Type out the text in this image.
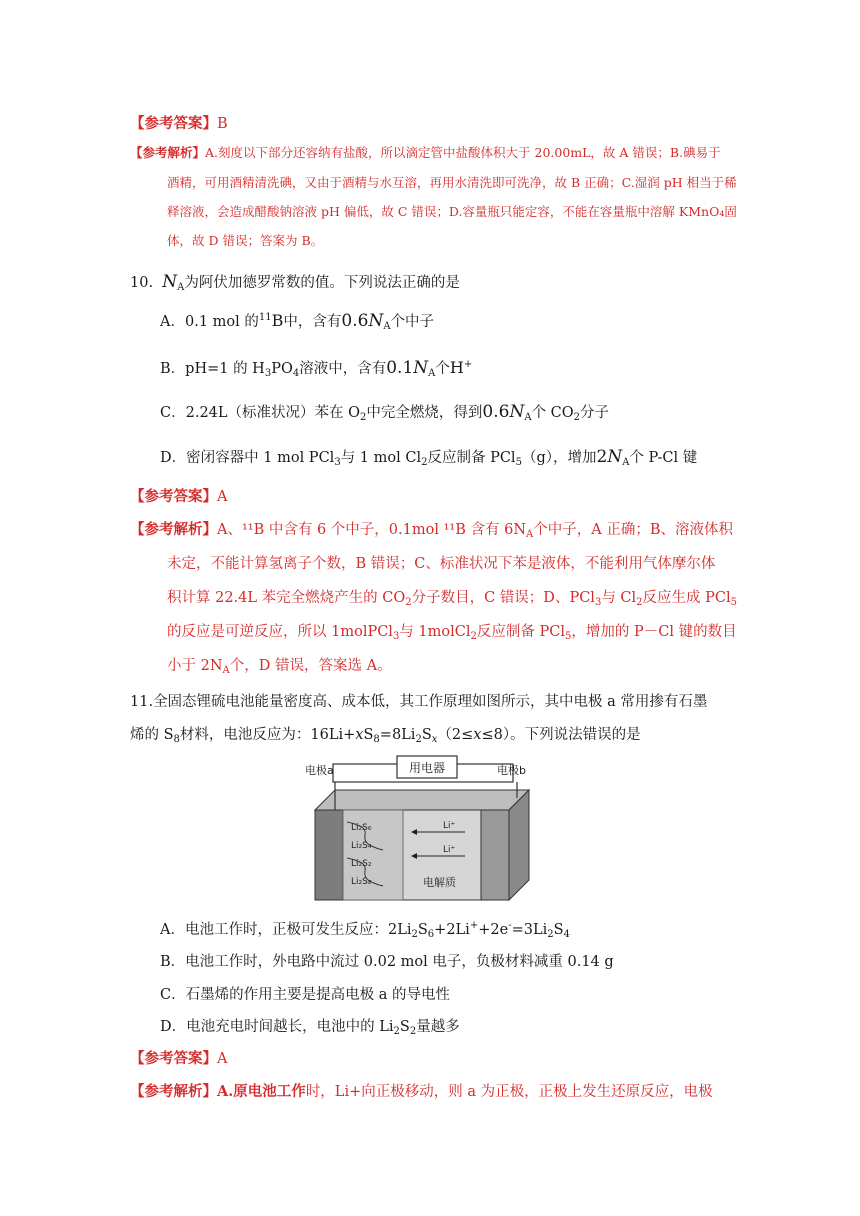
【参考答案】B
【参考解析】A.刻度以下部分还容纳有盐酸，所以滴定管中盐酸体积大于 20.00mL，故 A 错误；B.碘易于
酒精，可用酒精清洗碘，又由于酒精与水互溶，再用水清洗即可洗净，故 B 正确；C.湿润 pH 相当于稀
释溶液，会造成醋酸钠溶液 pH 偏低，故 C 错误；D.容量瓶只能定容，不能在容量瓶中溶解 KMnO₄固
体，故 D 错误；答案为 B。
10. $N_A$为阿伏加德罗常数的值。下列说法正确的是
A．0.1 mol 的$^{11}$B中，含有$0.6N_A$个中子
B．pH=1 的 $H_3PO_4$溶液中，含有$0.1N_A$个H+
C．2.24L（标准状况）苯在 $O_2$中完全燃烧，得到$0.6N_A$个 $CO_2$分子
D．密闭容器中 1 mol PCl$_3$与 1 mol $Cl_2$反应制备 PCl$_5$（g），增加$2N_A$个 P-Cl 键
【参考答案】A
【参考解析】A、¹¹B 中含有 6 个中子，0.1mol ¹¹B 含有 $6N_A$个中子，A 正确；B、溶液体积
未定，不能计算氢离子个数，B 错误；C、标准状况下苯是液体，不能利用气体摩尔体
积计算 22.4L 苯完全燃烧产生的 $CO_2$分子数目，C 错误；D、PCl$_3$与 $Cl_2$反应生成 PCl$_5$
的反应是可逆反应，所以 1molPCl$_3$与 1molCl$_2$反应制备 PCl$_5$，增加的 P－Cl 键的数目
小于 $2N_A$个，D 错误，答案选 A。
11.全固态锂硫电池能量密度高、成本低，其工作原理如图所示，其中电极 a 常用掺有石墨
烯的 $S_8$材料，电池反应为：$16Li+xS_8=8Li_2S_x(2\le x\le 8)$。下列说法错误的是
用电器
电极a	电极b
Li₂S₆
Li₂S₄
Li₂S₂
Li₂S₈
Li⁺
Li⁺
电解质
A．电池工作时，正极可发生反应：$2Li_2S_6+2Li^++2e^-=3Li_2S_4$
B．电池工作时，外电路中流过 0.02 mol 电子，负极材料减重 0.14 g
C．石墨烯的作用主要是提高电极 a 的导电性
D．电池充电时间越长，电池中的 $Li_2S_2$量越多
【参考答案】A
【参考解析】A.原电池工作时，Li+向正极移动，则 a 为正极，正极上发生还原反应，电极
